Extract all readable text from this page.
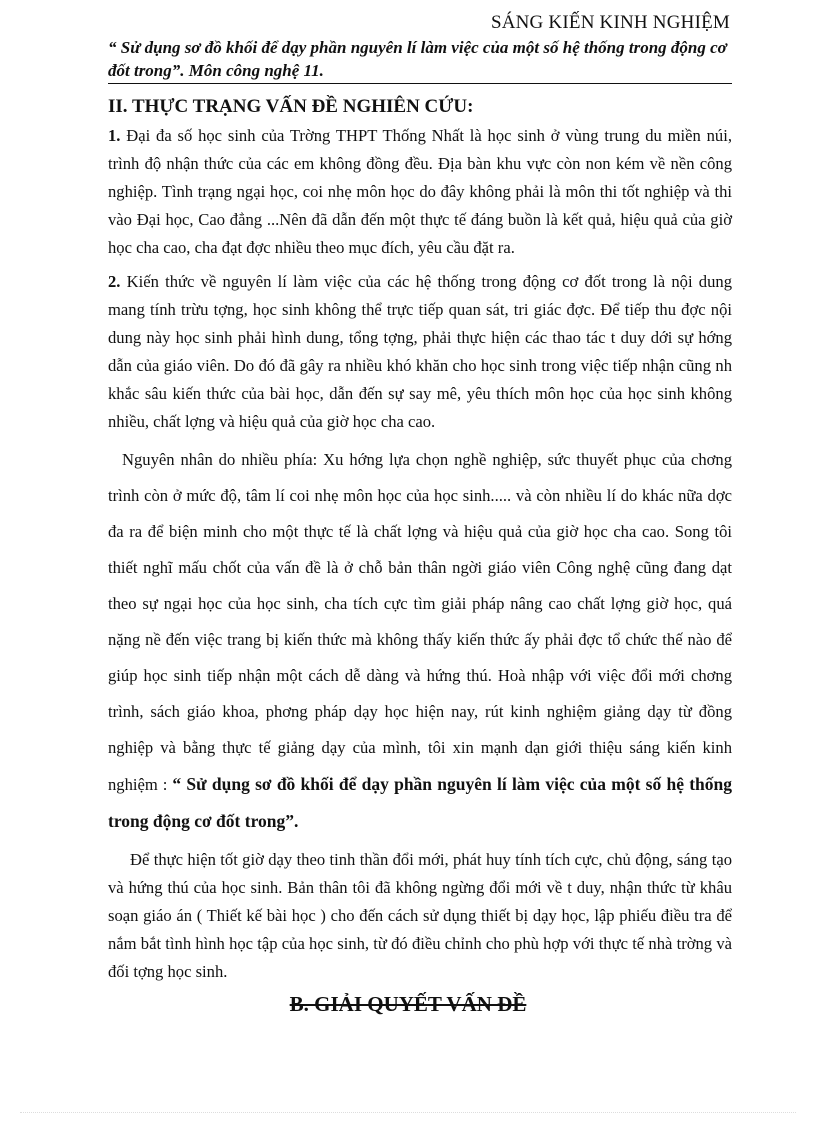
SÁNG KIẾN KINH NGHIỆM
“ Sử dụng sơ đồ khối để dạy phần nguyên lí làm việc của một số hệ thống trong động cơ đốt trong”. Môn công nghệ 11.
II. THỰC TRẠNG VẤN ĐỀ NGHIÊN CỨU:

1. Đại đa số học sinh của Trờng THPT Thống Nhất là học sinh ở vùng trung du miền núi, trình độ nhận thức của các em không đồng đều. Địa bàn khu vực còn non kém về nền công nghiệp. Tình trạng ngại học, coi nhẹ môn học do đây không phải là môn thi tốt nghiệp và thi vào Đại học, Cao đẳng ...Nên đã dẫn đến một thực tế đáng buồn là kết quả, hiệu quả của giờ học cha cao, cha đạt đợc nhiều theo mục đích, yêu cầu đặt ra.

2. Kiến thức về nguyên lí làm việc của các hệ thống trong động cơ đốt trong là nội dung mang tính trừu tợng, học sinh không thể trực tiếp quan sát, tri giác đợc. Để tiếp thu đợc nội dung này học sinh phải hình dung, tổng tợng, phải thực hiện các thao tác t duy dới sự hớng dẫn của giáo viên. Do đó đã gây ra nhiều khó khăn cho học sinh trong việc tiếp nhận cũng nh khắc sâu kiến thức của bài học, dẫn đến sự say mê, yêu thích môn học của học sinh không nhiều, chất lợng và hiệu quả của giờ học cha cao.

Nguyên nhân do nhiều phía: Xu hớng lựa chọn nghề nghiệp, sức thuyết phục của chơng trình còn ở mức độ, tâm lí coi nhẹ môn học của học sinh..... và còn nhiều lí do khác nữa dợc đa ra để biện minh cho một thực tế là chất lợng và hiệu quả của giờ học cha cao. Song tôi thiết nghĩ mấu chốt của vấn đề là ở chỗ bản thân ngời giáo viên Công nghệ cũng đang dạt theo sự ngại học của học sinh, cha tích cực tìm giải pháp nâng cao chất lợng giờ học, quá nặng nề đến việc trang bị kiến thức mà không thấy kiến thức ấy phải đợc tổ chức thế nào để giúp học sinh tiếp nhận một cách dễ dàng và hứng thú. Hoà nhập với việc đổi mới chơng trình, sách giáo khoa, phơng pháp dạy học hiện nay, rút kinh nghiệm giảng dạy từ đồng nghiệp và bằng thực tế giảng dạy của mình, tôi xin mạnh dạn giới thiệu sáng kiến kinh nghiệm : “ Sử dụng sơ đồ khối để dạy phần nguyên lí làm việc của một số hệ thống trong động cơ đốt trong”.

Để thực hiện tốt giờ dạy theo tinh thần đổi mới, phát huy tính tích cực, chủ động, sáng tạo và hứng thú của học sinh. Bản thân tôi đã không ngừng đổi mới về t duy, nhận thức từ khâu soạn giáo án ( Thiết kế bài học ) cho đến cách sử dụng thiết bị dạy học, lập phiếu điều tra để nắm bắt tình hình học tập của học sinh, từ đó điều chỉnh cho phù hợp với thực tế nhà trờng và đối tợng học sinh.

B. GIẢI QUYẾT VẤN ĐỀ
